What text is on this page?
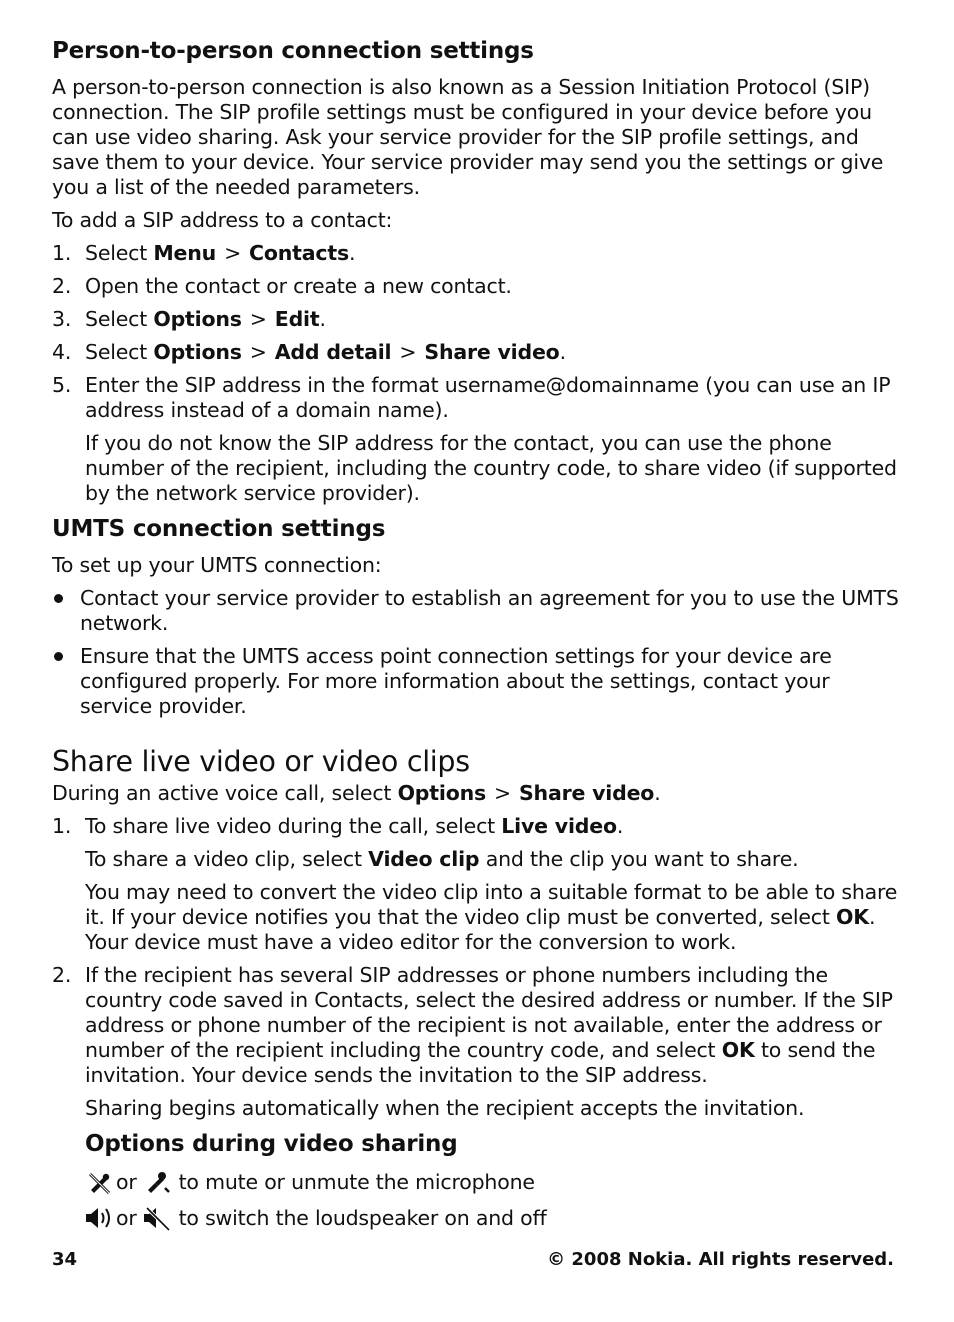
Person-to-person connection settings

A person-to-person connection is also known as a Session Initiation Protocol (SIP) connection. The SIP profile settings must be configured in your device before you can use video sharing. Ask your service provider for the SIP profile settings, and save them to your device. Your service provider may send you the settings or give you a list of the needed parameters.

To add a SIP address to a contact:

1. Select Menu > Contacts.
2. Open the contact or create a new contact.
3. Select Options > Edit.
4. Select Options > Add detail > Share video.
5. Enter the SIP address in the format username@domainname (you can use an IP address instead of a domain name).

If you do not know the SIP address for the contact, you can use the phone number of the recipient, including the country code, to share video (if supported by the network service provider).

UMTS connection settings

To set up your UMTS connection:

Contact your service provider to establish an agreement for you to use the UMTS network.
Ensure that the UMTS access point connection settings for your device are configured properly. For more information about the settings, contact your service provider.
Share live video or video clips

During an active voice call, select Options > Share video.

1. To share live video during the call, select Live video.

To share a video clip, select Video clip and the clip you want to share.

You may need to convert the video clip into a suitable format to be able to share it. If your device notifies you that the video clip must be converted, select OK. Your device must have a video editor for the conversion to work.

2. If the recipient has several SIP addresses or phone numbers including the country code saved in Contacts, select the desired address or number. If the SIP address or phone number of the recipient is not available, enter the address or number of the recipient including the country code, and select OK to send the invitation. Your device sends the invitation to the SIP address.

Sharing begins automatically when the recipient accepts the invitation.

Options during video sharing
or to mute or unmute the microphone
or to switch the loudspeaker on and off
34	© 2008 Nokia. All rights reserved.
